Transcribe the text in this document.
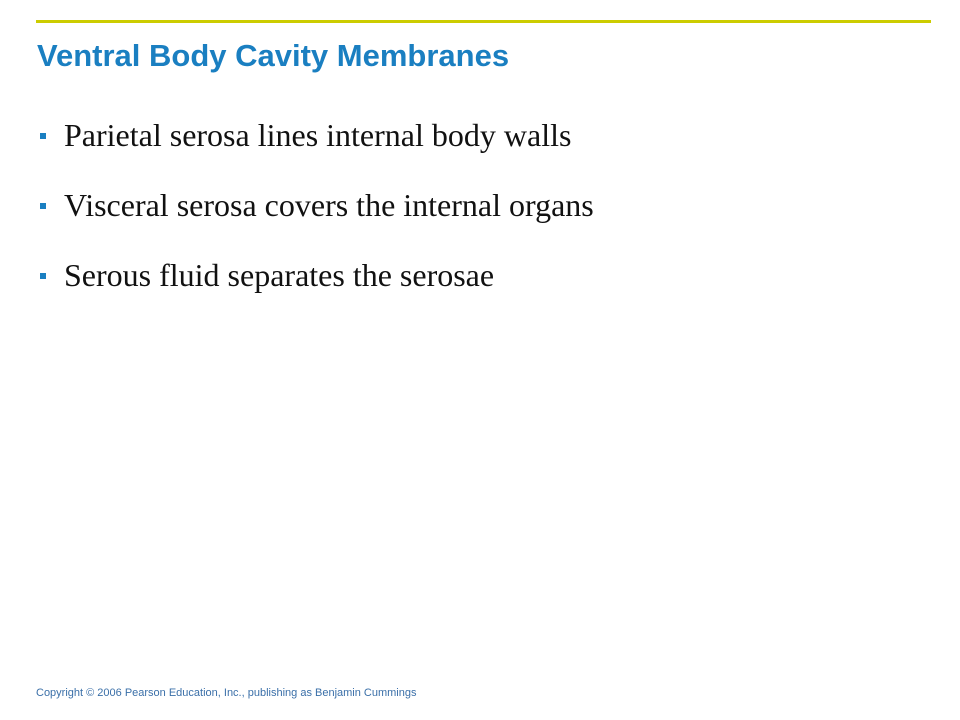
Ventral Body Cavity Membranes
Parietal serosa lines internal body walls
Visceral serosa covers the internal organs
Serous fluid separates the serosae
Copyright © 2006 Pearson Education, Inc., publishing as Benjamin Cummings
